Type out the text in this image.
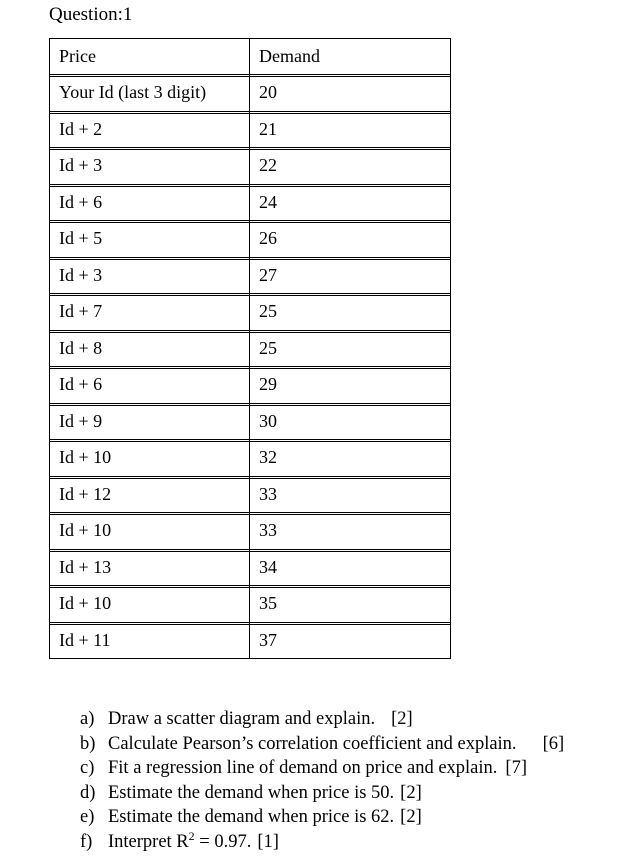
Question:1
Price	Demand
Your Id (last 3 digit)	20
Id + 2	21
Id + 3	22
Id + 6	24
Id + 5	26
Id + 3	27
Id + 7	25
Id + 8	25
Id + 6	29
Id + 9	30
Id + 10	32
Id + 12	33
Id + 10	33
Id + 13	34
Id + 10	35
Id + 11	37
a) Draw a scatter diagram and explain. [2]
b) Calculate Pearson’s correlation coefficient and explain. [6]
c) Fit a regression line of demand on price and explain. [7]
d) Estimate the demand when price is 50. [2]
e) Estimate the demand when price is 62. [2]
f) Interpret $R^2 = 0.97$. [1]
